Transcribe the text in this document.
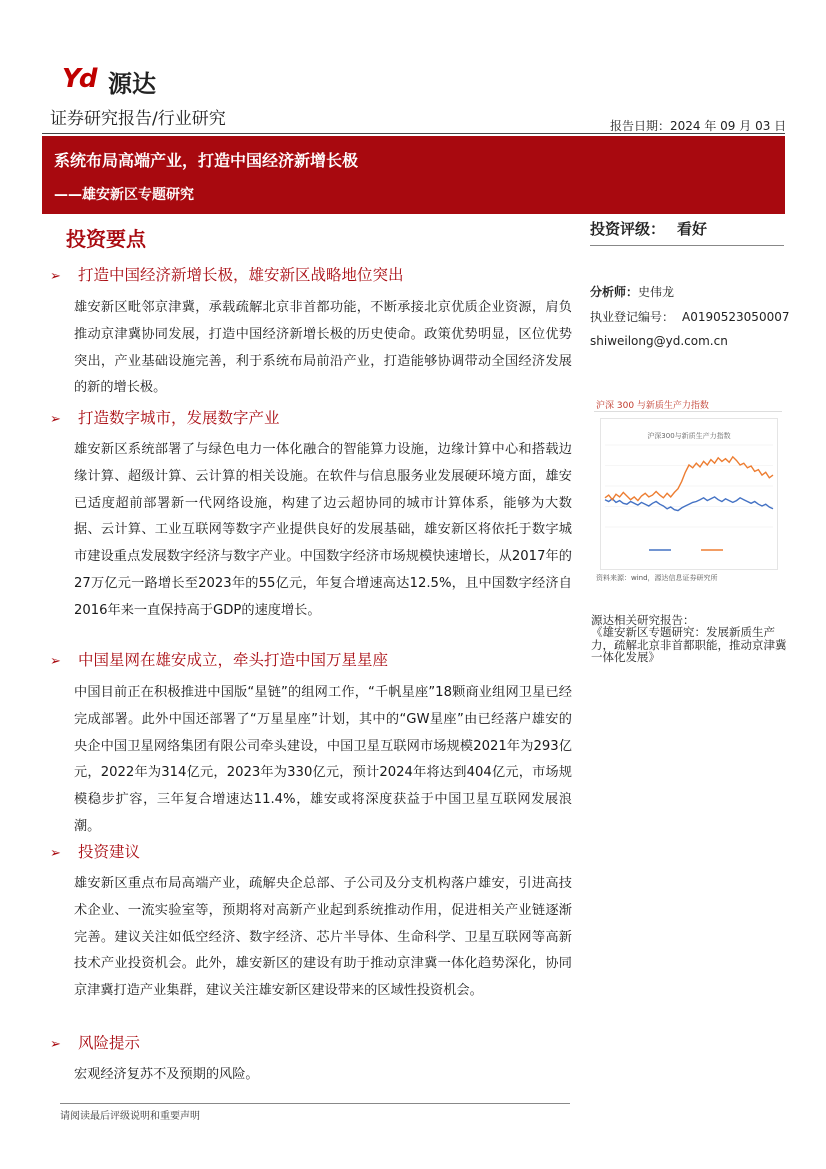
Yd 源达
证券研究报告/行业研究	报告日期：2024 年 09 月 03 日
系统布局高端产业，打造中国经济新增长极
——雄安新区专题研究
投资要点
➢ 打造中国经济新增长极，雄安新区战略地位突出
雄安新区毗邻京津冀，承载疏解北京非首都功能，不断承接北京优质企业资源，肩负推动京津冀协同发展，打造中国经济新增长极的历史使命。政策优势明显，区位优势突出，产业基础设施完善，利于系统布局前沿产业，打造能够协调带动全国经济发展的新的增长极。
➢ 打造数字城市，发展数字产业
雄安新区系统部署了与绿色电力一体化融合的智能算力设施，边缘计算中心和搭载边缘计算、超级计算、云计算的相关设施。在软件与信息服务业发展硬环境方面，雄安已适度超前部署新一代网络设施，构建了边云超协同的城市计算体系，能够为大数据、云计算、工业互联网等数字产业提供良好的发展基础，雄安新区将依托于数字城市建设重点发展数字经济与数字产业。中国数字经济市场规模快速增长，从2017年的27万亿元一路增长至2023年的55亿元，年复合增速高达12.5%，且中国数字经济自2016年来一直保持高于GDP的速度增长。
➢ 中国星网在雄安成立，牵头打造中国万星星座
中国目前正在积极推进中国版“星链”的组网工作，“千帆星座”18颗商业组网卫星已经完成部署。此外中国还部署了“万星星座”计划，其中的“GW星座”由已经落户雄安的央企中国卫星网络集团有限公司牵头建设，中国卫星互联网市场规模2021年为293亿元，2022年为314亿元，2023年为330亿元，预计2024年将达到404亿元，市场规模稳步扩容，三年复合增速达11.4%，雄安或将深度获益于中国卫星互联网发展浪潮。
➢ 投资建议
雄安新区重点布局高端产业，疏解央企总部、子公司及分支机构落户雄安，引进高技术企业、一流实验室等，预期将对高新产业起到系统推动作用，促进相关产业链逐渐完善。建议关注如低空经济、数字经济、芯片半导体、生命科学、卫星互联网等高新技术产业投资机会。此外，雄安新区的建设有助于推动京津冀一体化趋势深化，协同京津冀打造产业集群，建议关注雄安新区建设带来的区域性投资机会。
➢ 风险提示
宏观经济复苏不及预期的风险。
投资评级： 看好
分析师：史伟龙
执业登记编号： A0190523050007
shiweilong@yd.com.cn
沪深 300 与新质生产力指数
沪深300与新质生产力指数
资料来源：wind，源达信息证券研究所
源达相关研究报告：
《雄安新区专题研究：发展新质生产力，疏解北京非首都职能，推动京津冀一体化发展》
请阅读最后评级说明和重要声明
